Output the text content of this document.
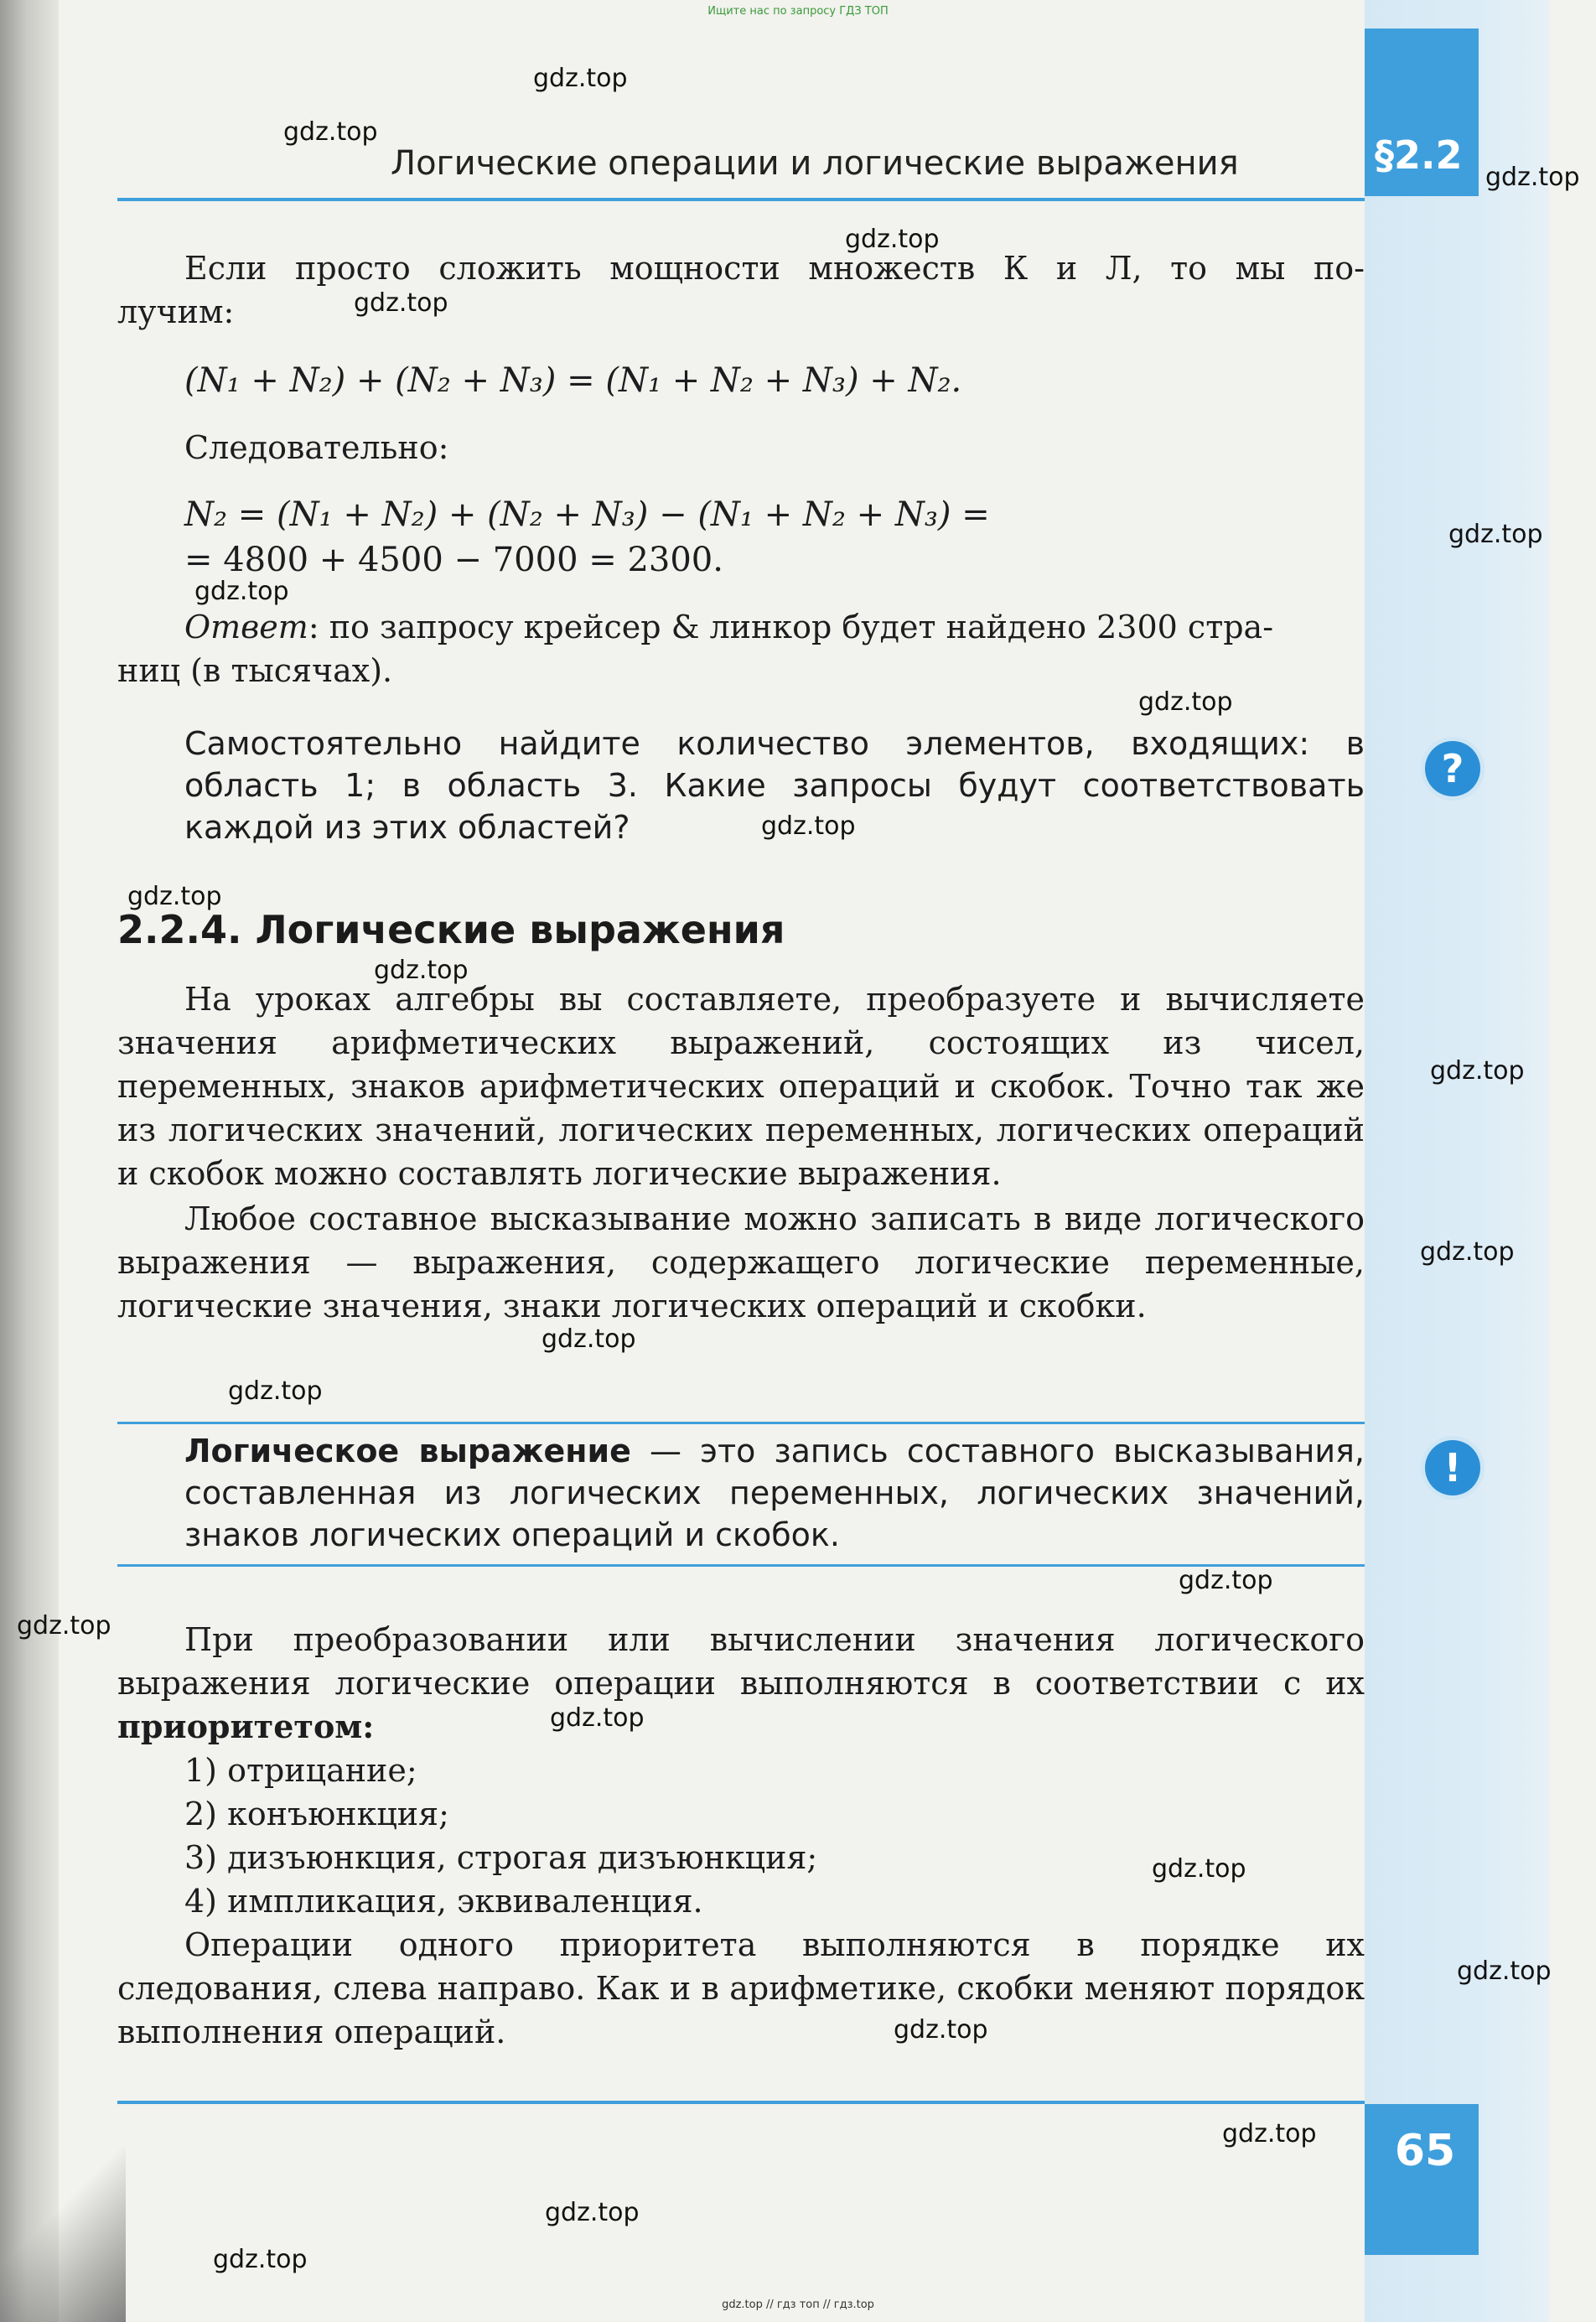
Ищите нас по запросу ГДЗ ТОП
§2.2
Логические операции и логические выражения
Если просто сложить мощности множеств К и Л, то мы по-
лучим:
(N₁ + N₂) + (N₂ + N₃) = (N₁ + N₂ + N₃) + N₂.
Следовательно:
N₂ = (N₁ + N₂) + (N₂ + N₃) − (N₁ + N₂ + N₃) =
= 4800 + 4500 − 7000 = 2300.
Ответ: по запросу крейсер & линкор будет найдено 2300 стра-
ниц (в тысячах).

Самостоятельно найдите количество элементов, входящих: в область 1; в область 3. Какие запросы будут соответствовать каждой из этих областей?

?
2.2.4. Логические выражения

На уроках алгебры вы составляете, преобразуете и вычисляете значения арифметических выражений, состоящих из чисел, переменных, знаков арифметических операций и скобок. Точно так же из логических значений, логических переменных, логических операций и скобок можно составлять логические выражения.

Любое составное высказывание можно записать в виде логического выражения — выражения, содержащего логические переменные, логические значения, знаки логических операций и скобки.

Логическое выражение — это запись составного высказывания, составленная из логических переменных, логических значений, знаков логических операций и скобок.

!

При преобразовании или вычислении значения логического выражения логические операции выполняются в соответствии с их приоритетом:

1) отрицание;
2) конъюнкция;
3) дизъюнкция, строгая дизъюнкция;
4) импликация, эквиваленция.

Операции одного приоритета выполняются в порядке их следования, слева направо. Как и в арифметике, скобки меняют порядок выполнения операций.

65
gdz.top
gdz.top
gdz.top
gdz.top
gdz.top
gdz.top
gdz.top
gdz.top
gdz.top
gdz.top
gdz.top
gdz.top
gdz.top
gdz.top
gdz.top
gdz.top
gdz.top
gdz.top
gdz.top
gdz.top
gdz.top
gdz.top
gdz.top
gdz.top
gdz.top // гдз топ // гдз.top
